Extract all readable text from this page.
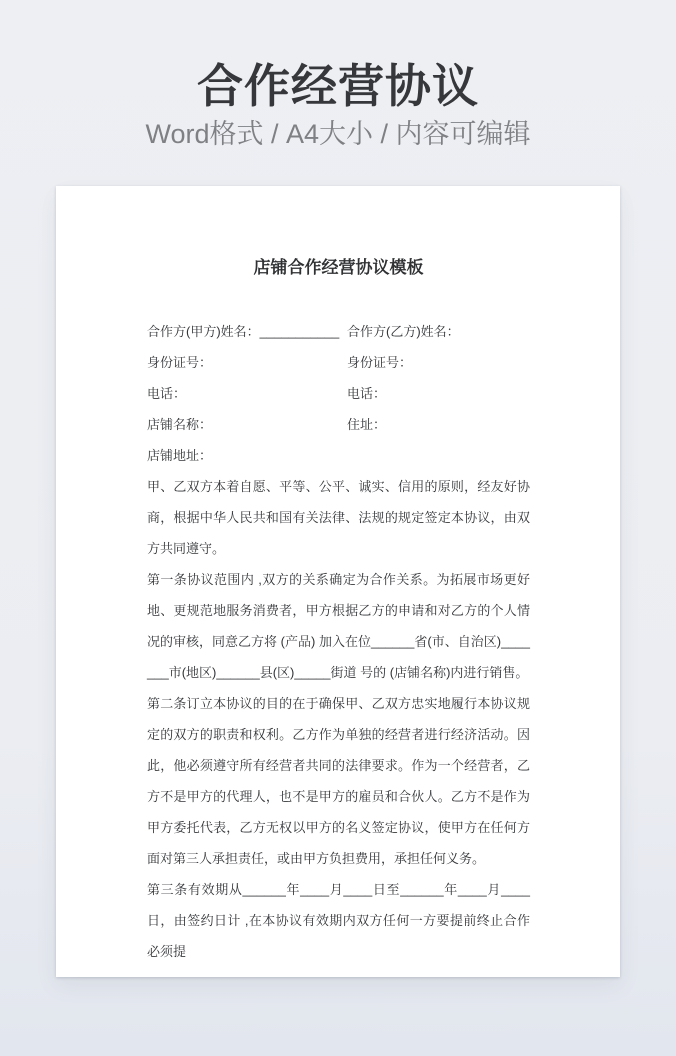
合作经营协议

Word格式 / A4大小 / 内容可编辑

店铺合作经营协议模板
合作方(甲方)姓名：___________ 合作方(乙方)姓名：
身份证号：	身份证号：
电话：	电话：
店铺名称：	住址：
店铺地址：

甲、乙双方本着自愿、平等、公平、诚实、信用的原则，经友好协商，根据中华人民共和国有关法律、法规的规定签定本协议，由双方共同遵守。

第一条协议范围内 ,双方的关系确定为合作关系。为拓展市场更好地、更规范地服务消费者，甲方根据乙方的申请和对乙方的个人情况的审核，同意乙方将 (产品) 加入在位______省(市、自治区)_______市(地区)______县(区)_____街道 号的 (店铺名称)内进行销售。

第二条订立本协议的目的在于确保甲、乙双方忠实地履行本协议规定的双方的职责和权利。乙方作为单独的经营者进行经济活动。因此，他必须遵守所有经营者共同的法律要求。作为一个经营者，乙方不是甲方的代理人，也不是甲方的雇员和合伙人。乙方不是作为甲方委托代表，乙方无权以甲方的名义签定协议，使甲方在任何方面对第三人承担责任，或由甲方负担费用，承担任何义务。

第三条有效期从______年____月____日至______年____月____日，由签约日计 ,在本协议有效期内双方任何一方要提前终止合作必须提
